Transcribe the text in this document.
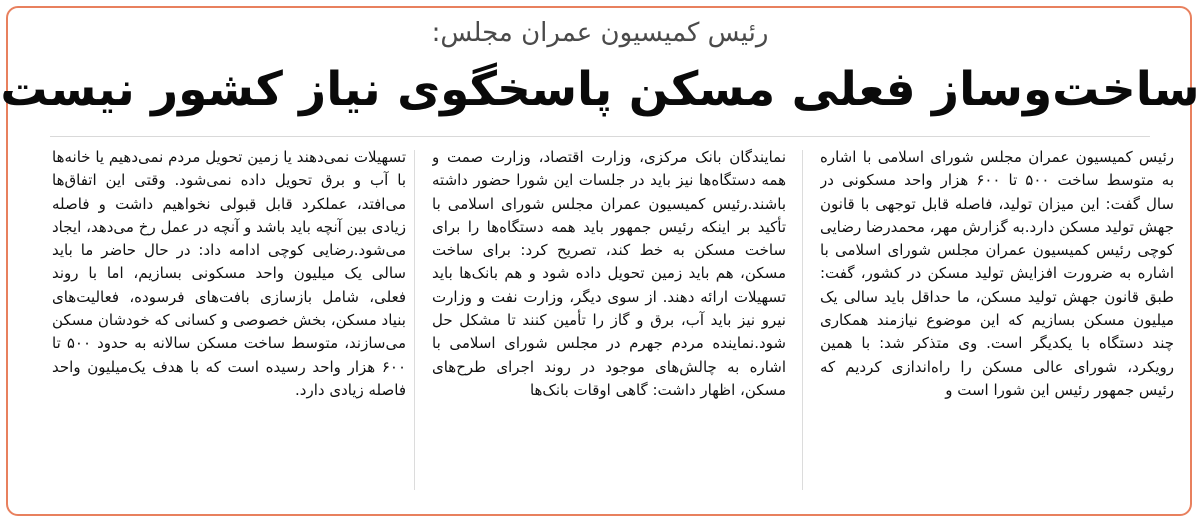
رئیس کمیسیون عمران مجلس:
ساخت‌وساز فعلی مسکن پاسخگوی نیاز کشور نیست
رئیس کمیسیون عمران مجلس شورای اسلامی با اشاره به متوسط ساخت ۵۰۰ تا ۶۰۰ هزار واحد مسکونی در سال گفت: این میزان تولید، فاصله قابل توجهی با قانون جهش تولید مسکن دارد.به گزارش مهر، محمدرضا رضایی کوچی رئیس کمیسیون عمران مجلس شورای اسلامی با اشاره به ضرورت افزایش تولید مسکن در کشور، گفت: طبق قانون جهش تولید مسکن، ما حداقل باید سالی یک میلیون مسکن بسازیم که این موضوع نیازمند همکاری چند دستگاه با یکدیگر است. وی متذکر شد: با همین رویکرد، شورای عالی مسکن را راه‌اندازی کردیم که رئیس جمهور رئیس این شورا است و
نمایندگان بانک مرکزی، وزارت اقتصاد، وزارت صمت و همه دستگاه‌ها نیز باید در جلسات این شورا حضور داشته باشند.رئیس کمیسیون عمران مجلس شورای اسلامی با تأکید بر اینکه رئیس جمهور باید همه دستگاه‌ها را برای ساخت مسکن به خط کند، تصریح کرد: برای ساخت مسکن، هم باید زمین تحویل داده شود و هم بانک‌ها باید تسهیلات ارائه دهند. از سوی دیگر، وزارت نفت و وزارت نیرو نیز باید آب، برق و گاز را تأمین کنند تا مشکل حل شود.نماینده مردم جهرم در مجلس شورای اسلامی با اشاره به چالش‌های موجود در روند اجرای طرح‌های مسکن، اظهار داشت: گاهی اوقات بانک‌ها
تسهیلات نمی‌دهند یا زمین تحویل مردم نمی‌دهیم یا خانه‌ها با آب و برق تحویل داده نمی‌شود. وقتی این اتفاق‌ها می‌افتد، عملکرد قابل قبولی نخواهیم داشت و فاصله زیادی بین آنچه باید باشد و آنچه در عمل رخ می‌دهد، ایجاد می‌شود.رضایی کوچی ادامه داد: در حال حاضر ما باید سالی یک میلیون واحد مسکونی بسازیم، اما با روند فعلی، شامل بازسازی بافت‌های فرسوده، فعالیت‌های بنیاد مسکن، بخش خصوصی و کسانی که خودشان مسکن می‌سازند، متوسط ساخت مسکن سالانه به حدود ۵۰۰ تا ۶۰۰ هزار واحد رسیده است که با هدف یک‌میلیون واحد فاصله زیادی دارد.
